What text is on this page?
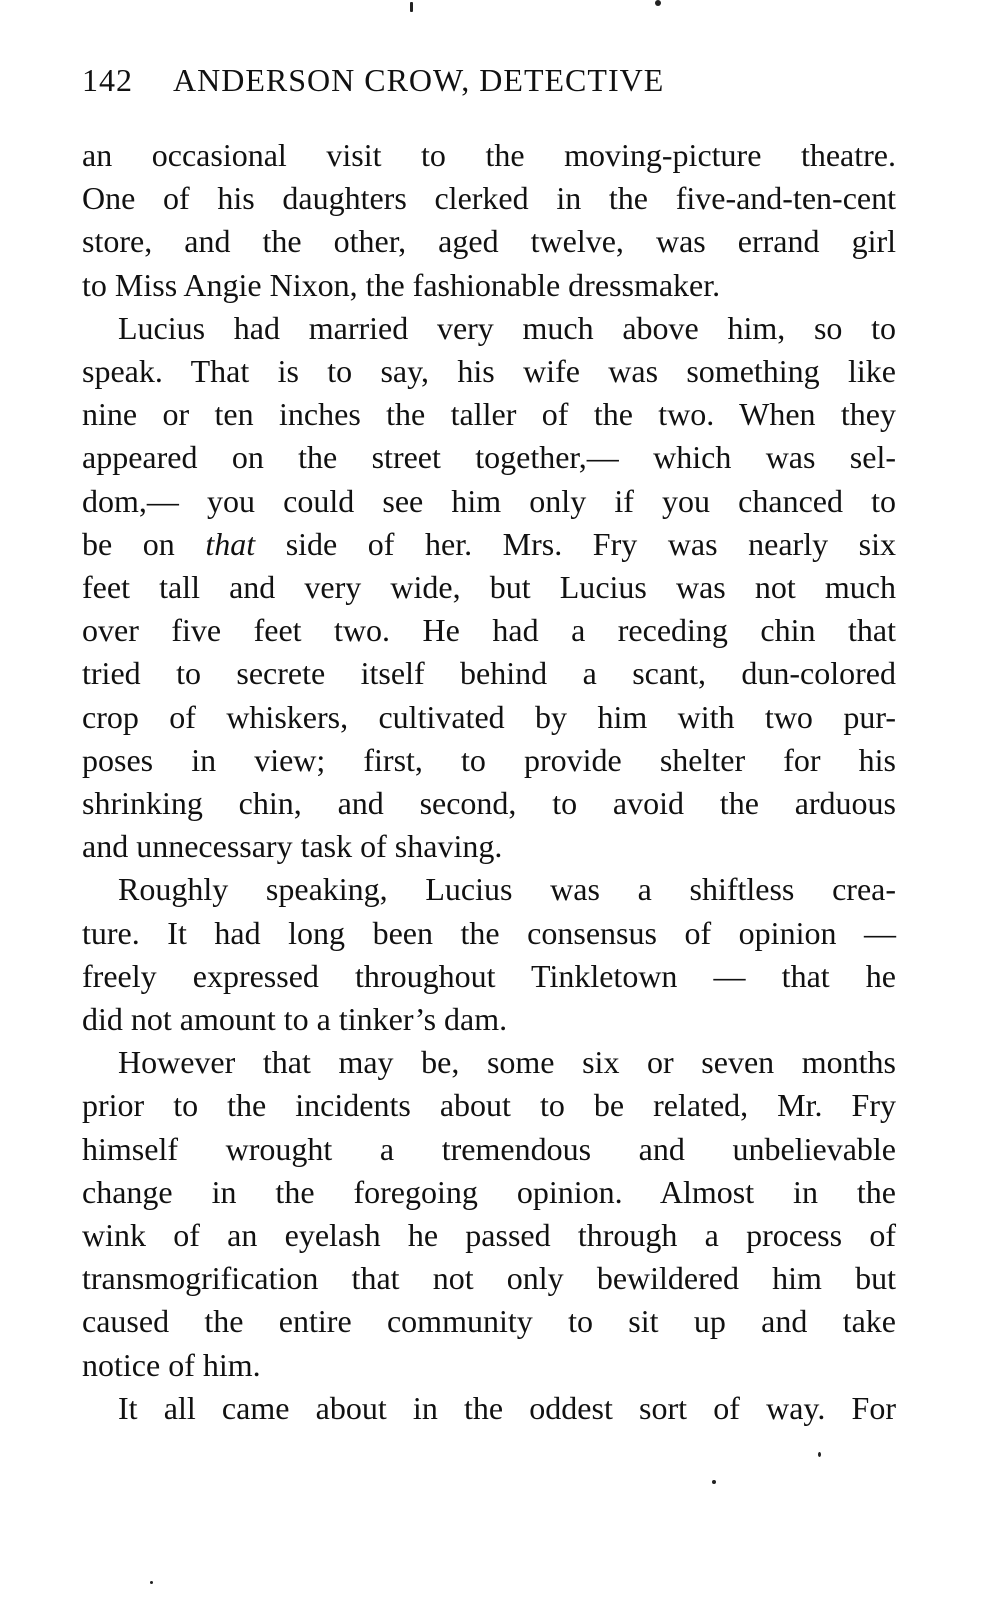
142 ANDERSON CROW, DETECTIVE

an occasional visit to the moving-picture theatre.
One of his daughters clerked in the five-and-ten-cent
store, and the other, aged twelve, was errand girl
to Miss Angie Nixon, the fashionable dressmaker.

Lucius had married very much above him, so to
speak. That is to say, his wife was something like
nine or ten inches the taller of the two. When they
appeared on the street together,— which was sel-
dom,— you could see him only if you chanced to
be on that side of her. Mrs. Fry was nearly six
feet tall and very wide, but Lucius was not much
over five feet two. He had a receding chin that
tried to secrete itself behind a scant, dun-colored
crop of whiskers, cultivated by him with two pur-
poses in view; first, to provide shelter for his
shrinking chin, and second, to avoid the arduous
and unnecessary task of shaving.

Roughly speaking, Lucius was a shiftless crea-
ture. It had long been the consensus of opinion —
freely expressed throughout Tinkletown — that he
did not amount to a tinker’s dam.

However that may be, some six or seven months
prior to the incidents about to be related, Mr. Fry
himself wrought a tremendous and unbelievable
change in the foregoing opinion. Almost in the
wink of an eyelash he passed through a process of
transmogrification that not only bewildered him but
caused the entire community to sit up and take
notice of him.

It all came about in the oddest sort of way. For
